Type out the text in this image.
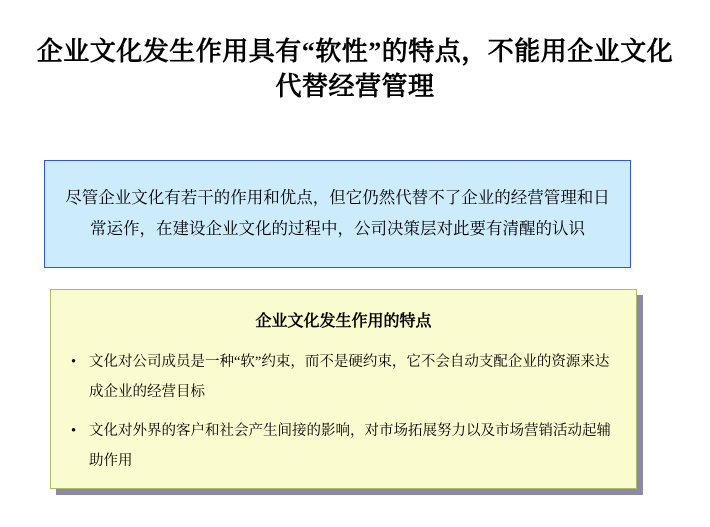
企业文化发生作用具有“软性”的特点，不能用企业文化代替经营管理
尽管企业文化有若干的作用和优点，但它仍然代替不了企业的经营管理和日常运作，在建设企业文化的过程中，公司决策层对此要有清醒的认识
企业文化发生作用的特点
• 文化对公司成员是一种“软”约束，而不是硬约束，它不会自动支配企业的资源来达成企业的经营目标
• 文化对外界的客户和社会产生间接的影响，对市场拓展努力以及市场营销活动起辅助作用
